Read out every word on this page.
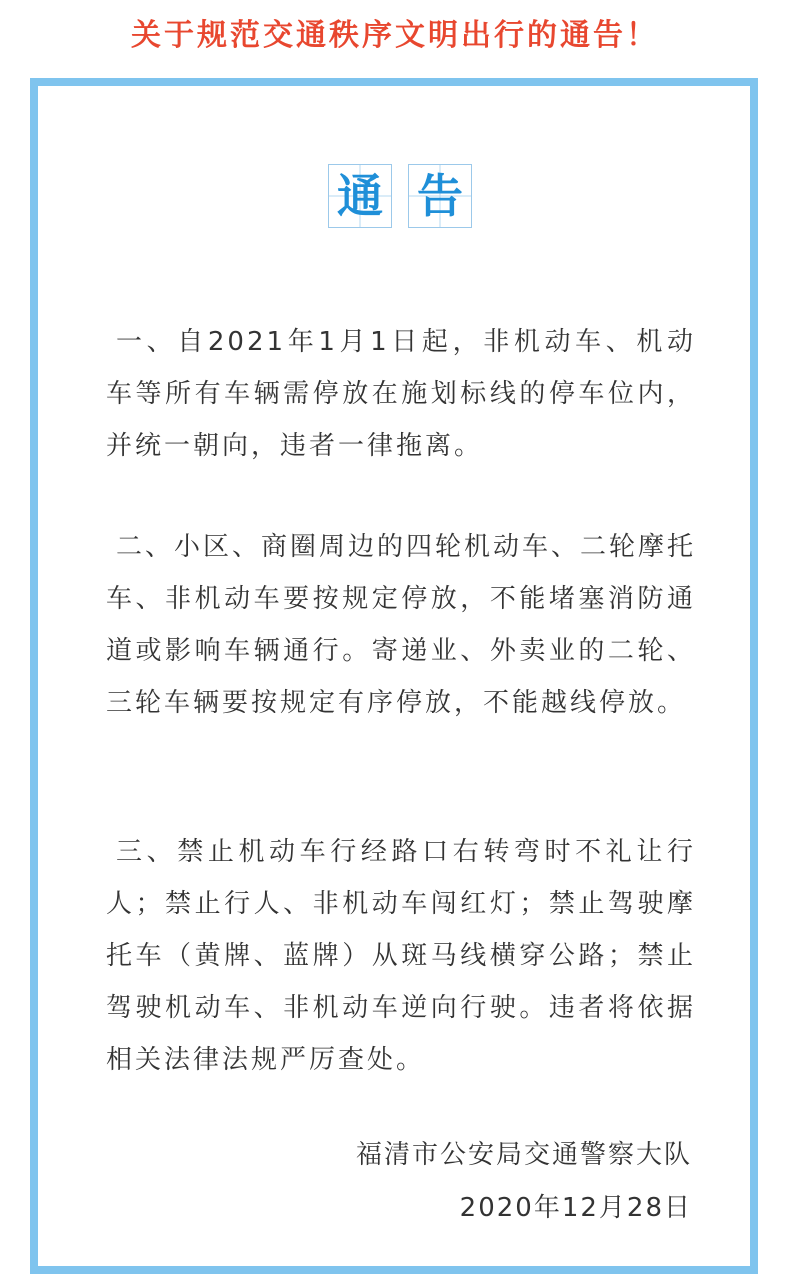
关于规范交通秩序文明出行的通告！
通 告

一、自2021年1月1日起，非机动车、机动车等所有车辆需停放在施划标线的停车位内，并统一朝向，违者一律拖离。

二、小区、商圈周边的四轮机动车、二轮摩托车、非机动车要按规定停放，不能堵塞消防通道或影响车辆通行。寄递业、外卖业的二轮、三轮车辆要按规定有序停放，不能越线停放。

三、禁止机动车行经路口右转弯时不礼让行人；禁止行人、非机动车闯红灯；禁止驾驶摩托车（黄牌、蓝牌）从斑马线横穿公路；禁止驾驶机动车、非机动车逆向行驶。违者将依据相关法律法规严厉查处。

福清市公安局交通警察大队
2020年12月28日
